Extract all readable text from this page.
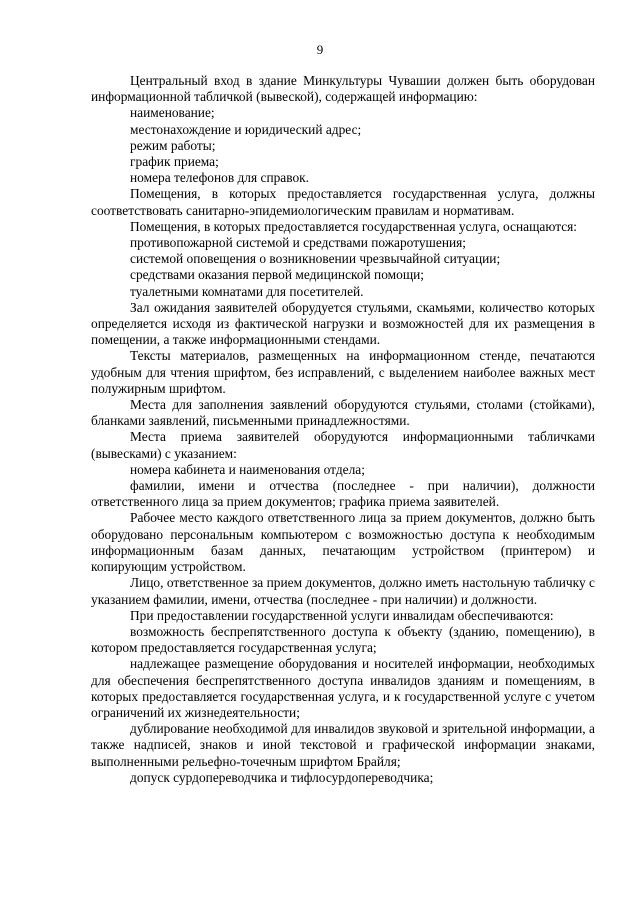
9
Центральный вход в здание Минкультуры Чувашии должен быть оборудован информационной табличкой (вывеской), содержащей информацию:
наименование;
местонахождение и юридический адрес;
режим работы;
график приема;
номера телефонов для справок.
Помещения, в которых предоставляется государственная услуга, должны соответствовать санитарно-эпидемиологическим правилам и нормативам.
Помещения, в которых предоставляется государственная услуга, оснащаются:
противопожарной системой и средствами пожаротушения;
системой оповещения о возникновении чрезвычайной ситуации;
средствами оказания первой медицинской помощи;
туалетными комнатами для посетителей.
Зал ожидания заявителей оборудуется стульями, скамьями, количество которых определяется исходя из фактической нагрузки и возможностей для их размещения в помещении, а также информационными стендами.
Тексты материалов, размещенных на информационном стенде, печатаются удобным для чтения шрифтом, без исправлений, с выделением наиболее важных мест полужирным шрифтом.
Места для заполнения заявлений оборудуются стульями, столами (стойками), бланками заявлений, письменными принадлежностями.
Места приема заявителей оборудуются информационными табличками (вывесками) с указанием:
номера кабинета и наименования отдела;
фамилии, имени и отчества (последнее - при наличии), должности ответственного лица за прием документов; графика приема заявителей.
Рабочее место каждого ответственного лица за прием документов, должно быть оборудовано персональным компьютером с возможностью доступа к необходимым информационным базам данных, печатающим устройством (принтером) и копирующим устройством.
Лицо, ответственное за прием документов, должно иметь настольную табличку с указанием фамилии, имени, отчества (последнее - при наличии) и должности.
При предоставлении государственной услуги инвалидам обеспечиваются:
возможность беспрепятственного доступа к объекту (зданию, помещению), в котором предоставляется государственная услуга;
надлежащее размещение оборудования и носителей информации, необходимых для обеспечения беспрепятственного доступа инвалидов зданиям и помещениям, в которых предоставляется государственная услуга, и к государственной услуге с учетом ограничений их жизнедеятельности;
дублирование необходимой для инвалидов звуковой и зрительной информации, а также надписей, знаков и иной текстовой и графической информации знаками, выполненными рельефно-точечным шрифтом Брайля;
допуск сурдопереводчика и тифлосурдопереводчика;
